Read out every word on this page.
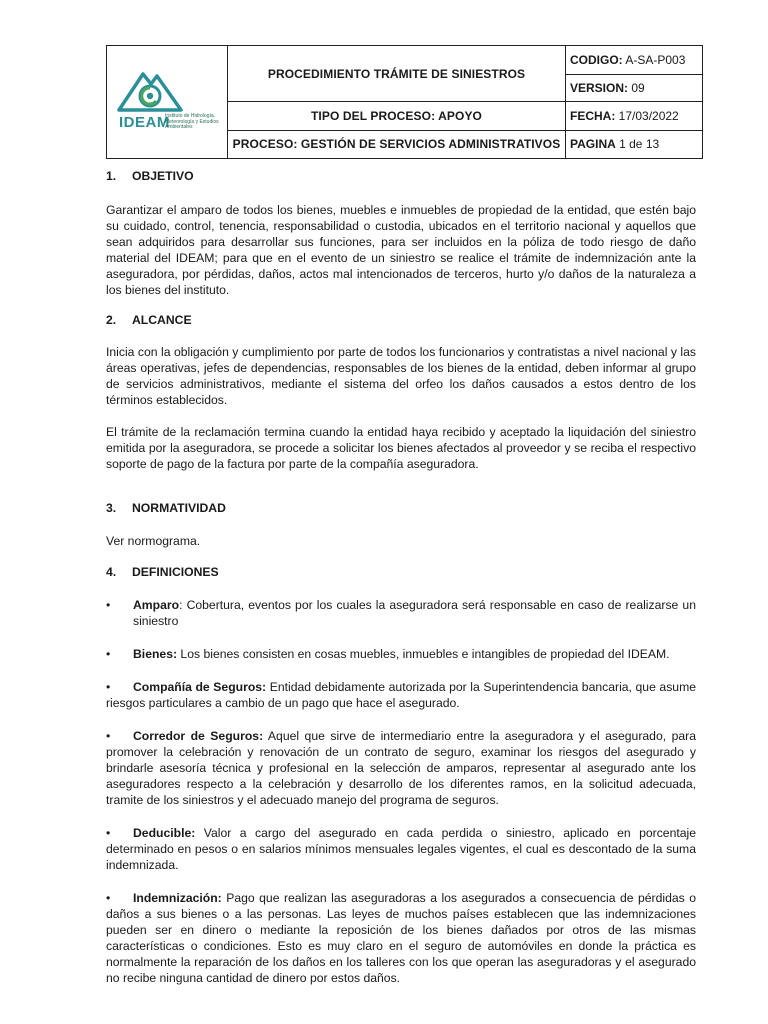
IDEAM
Instituto de Hidrología, Meteorología y Estudios Ambientales	PROCEDIMIENTO TRÁMITE DE SINIESTROS	CODIGO: A-SA-P003
		VERSION: 09
	TIPO DEL PROCESO: APOYO	FECHA: 17/03/2022
	PROCESO: GESTIÓN DE SERVICIOS ADMINISTRATIVOS	PAGINA 1 de 13
1.	OBJETIVO

Garantizar el amparo de todos los bienes, muebles e inmuebles de propiedad de la entidad, que estén bajo su cuidado, control, tenencia, responsabilidad o custodia, ubicados en el territorio nacional y aquellos que sean adquiridos para desarrollar sus funciones, para ser incluidos en la póliza de todo riesgo de daño material del IDEAM; para que en el evento de un siniestro se realice el trámite de indemnización ante la aseguradora, por pérdidas, daños, actos mal intencionados de terceros, hurto y/o daños de la naturaleza a los bienes del instituto.

2.	ALCANCE

Inicia con la obligación y cumplimiento por parte de todos los funcionarios y contratistas a nivel nacional y las áreas operativas, jefes de dependencias, responsables de los bienes de la entidad, deben informar al grupo de servicios administrativos, mediante el sistema del orfeo los daños causados a estos dentro de los términos establecidos.

El trámite de la reclamación termina cuando la entidad haya recibido y aceptado la liquidación del siniestro emitida por la aseguradora, se procede a solicitar los bienes afectados al proveedor y se reciba el respectivo soporte de pago de la factura por parte de la compañía aseguradora.

3.	NORMATIVIDAD

Ver normograma.

4.	DEFINICIONES
•	Amparo: Cobertura, eventos por los cuales la aseguradora será responsable en caso de realizarse un siniestro
•	Bienes: Los bienes consisten en cosas muebles, inmuebles e intangibles de propiedad del IDEAM.

• Compañía de Seguros: Entidad debidamente autorizada por la Superintendencia bancaria, que asume riesgos particulares a cambio de un pago que hace el asegurado.

• Corredor de Seguros: Aquel que sirve de intermediario entre la aseguradora y el asegurado, para promover la celebración y renovación de un contrato de seguro, examinar los riesgos del asegurado y brindarle asesoría técnica y profesional en la selección de amparos, representar al asegurado ante los aseguradores respecto a la celebración y desarrollo de los diferentes ramos, en la solicitud adecuada, tramite de los siniestros y el adecuado manejo del programa de seguros.

• Deducible: Valor a cargo del asegurado en cada perdida o siniestro, aplicado en porcentaje determinado en pesos o en salarios mínimos mensuales legales vigentes, el cual es descontado de la suma indemnizada.

• Indemnización: Pago que realizan las aseguradoras a los asegurados a consecuencia de pérdidas o daños a sus bienes o a las personas. Las leyes de muchos países establecen que las indemnizaciones pueden ser en dinero o mediante la reposición de los bienes dañados por otros de las mismas características o condiciones. Esto es muy claro en el seguro de automóviles en donde la práctica es normalmente la reparación de los daños en los talleres con los que operan las aseguradoras y el asegurado no recibe ninguna cantidad de dinero por estos daños.
